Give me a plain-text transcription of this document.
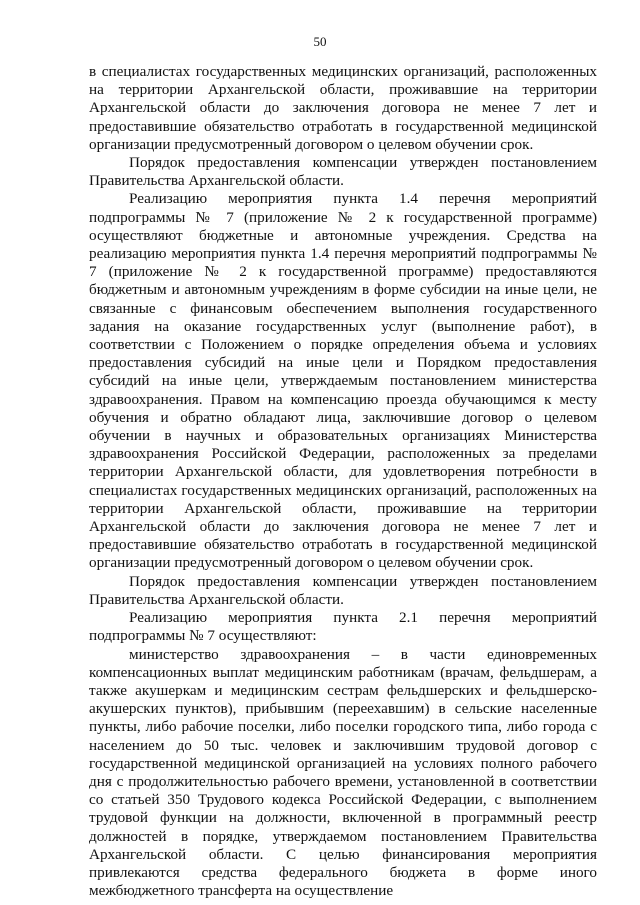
50

в специалистах государственных медицинских организаций, расположенных на территории Архангельской области, проживавшие на территории Архангельской области до заключения договора не менее 7 лет и предоставившие обязательство отработать в государственной медицинской организации предусмотренный договором о целевом обучении срок.

Порядок предоставления компенсации утвержден постановлением Правительства Архангельской области.

Реализацию мероприятия пункта 1.4 перечня мероприятий подпрограммы № 7 (приложение № 2 к государственной программе) осуществляют бюджетные и автономные учреждения. Средства на реализацию мероприятия пункта 1.4 перечня мероприятий подпрограммы № 7 (приложение № 2 к государственной программе) предоставляются бюджетным и автономным учреждениям в форме субсидии на иные цели, не связанные с финансовым обеспечением выполнения государственного задания на оказание государственных услуг (выполнение работ), в соответствии с Положением о порядке определения объема и условиях предоставления субсидий на иные цели и Порядком предоставления субсидий на иные цели, утверждаемым постановлением министерства здравоохранения. Правом на компенсацию проезда обучающимся к месту обучения и обратно обладают лица, заключившие договор о целевом обучении в научных и образовательных организациях Министерства здравоохранения Российской Федерации, расположенных за пределами территории Архангельской области, для удовлетворения потребности в специалистах государственных медицинских организаций, расположенных на территории Архангельской области, проживавшие на территории Архангельской области до заключения договора не менее 7 лет и предоставившие обязательство отработать в государственной медицинской организации предусмотренный договором о целевом обучении срок.

Порядок предоставления компенсации утвержден постановлением Правительства Архангельской области.

Реализацию мероприятия пункта 2.1 перечня мероприятий подпрограммы № 7 осуществляют:

министерство здравоохранения – в части единовременных компенсационных выплат медицинским работникам (врачам, фельдшерам, а также акушеркам и медицинским сестрам фельдшерских и фельдшерско-акушерских пунктов), прибывшим (переехавшим) в сельские населенные пункты, либо рабочие поселки, либо поселки городского типа, либо города с населением до 50 тыс. человек и заключившим трудовой договор с государственной медицинской организацией на условиях полного рабочего дня с продолжительностью рабочего времени, установленной в соответствии со статьей 350 Трудового кодекса Российской Федерации, с выполнением трудовой функции на должности, включенной в программный реестр должностей в порядке, утверждаемом постановлением Правительства Архангельской области. С целью финансирования мероприятия привлекаются средства федерального бюджета в форме иного межбюджетного трансферта на осуществление
